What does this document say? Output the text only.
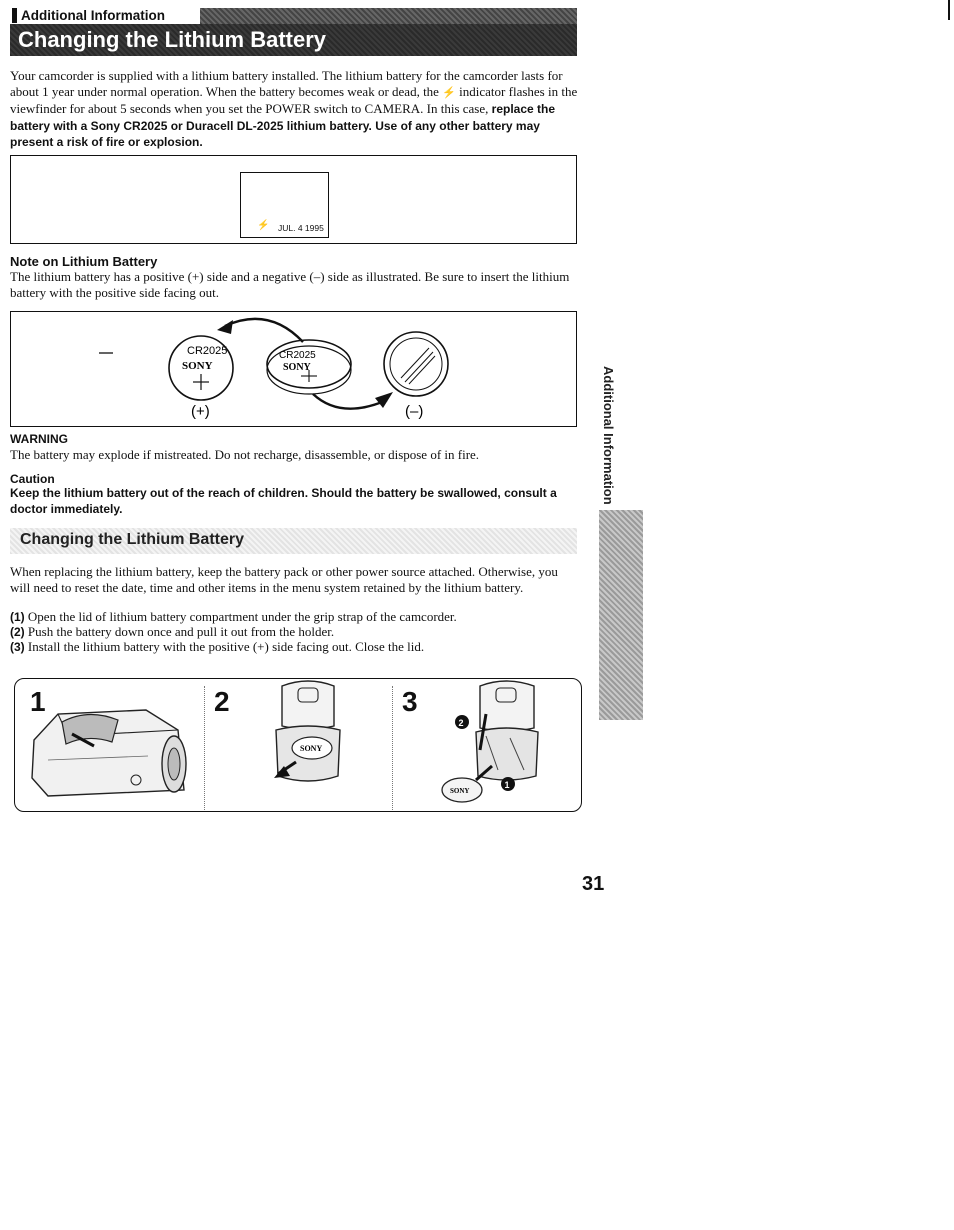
Additional Information
Changing the Lithium Battery

Your camcorder is supplied with a lithium battery installed. The lithium battery for the camcorder lasts for about 1 year under normal operation. When the battery becomes weak or dead, the ⚡ indicator flashes in the viewfinder for about 5 seconds when you set the POWER switch to CAMERA. In this case, replace the battery with a Sony CR2025 or Duracell DL-2025 lithium battery. Use of any other battery may present a risk of fire or explosion.

⚡ JUL. 4 1995
Note on Lithium Battery

The lithium battery has a positive (+) side and a negative (–) side as illustrated. Be sure to insert the lithium battery with the positive side facing out.

CR2025
SONY
(+)
CR2025
SONY
(–)
WARNING

The battery may explode if mistreated. Do not recharge, disassemble, or dispose of in fire.

Caution
Keep the lithium battery out of the reach of children. Should the battery be swallowed, consult a doctor immediately.
Changing the Lithium Battery

When replacing the lithium battery, keep the battery pack or other power source attached. Otherwise, you will need to reset the date, time and other items in the menu system retained by the lithium battery.

(1) Open the lid of lithium battery compartment under the grip strap of the camcorder.

(2) Push the battery down once and pull it out from the holder.

(3) Install the lithium battery with the positive (+) side facing out. Close the lid.

1	2	3
SONY
2
SONY
1
Additional Information
31
